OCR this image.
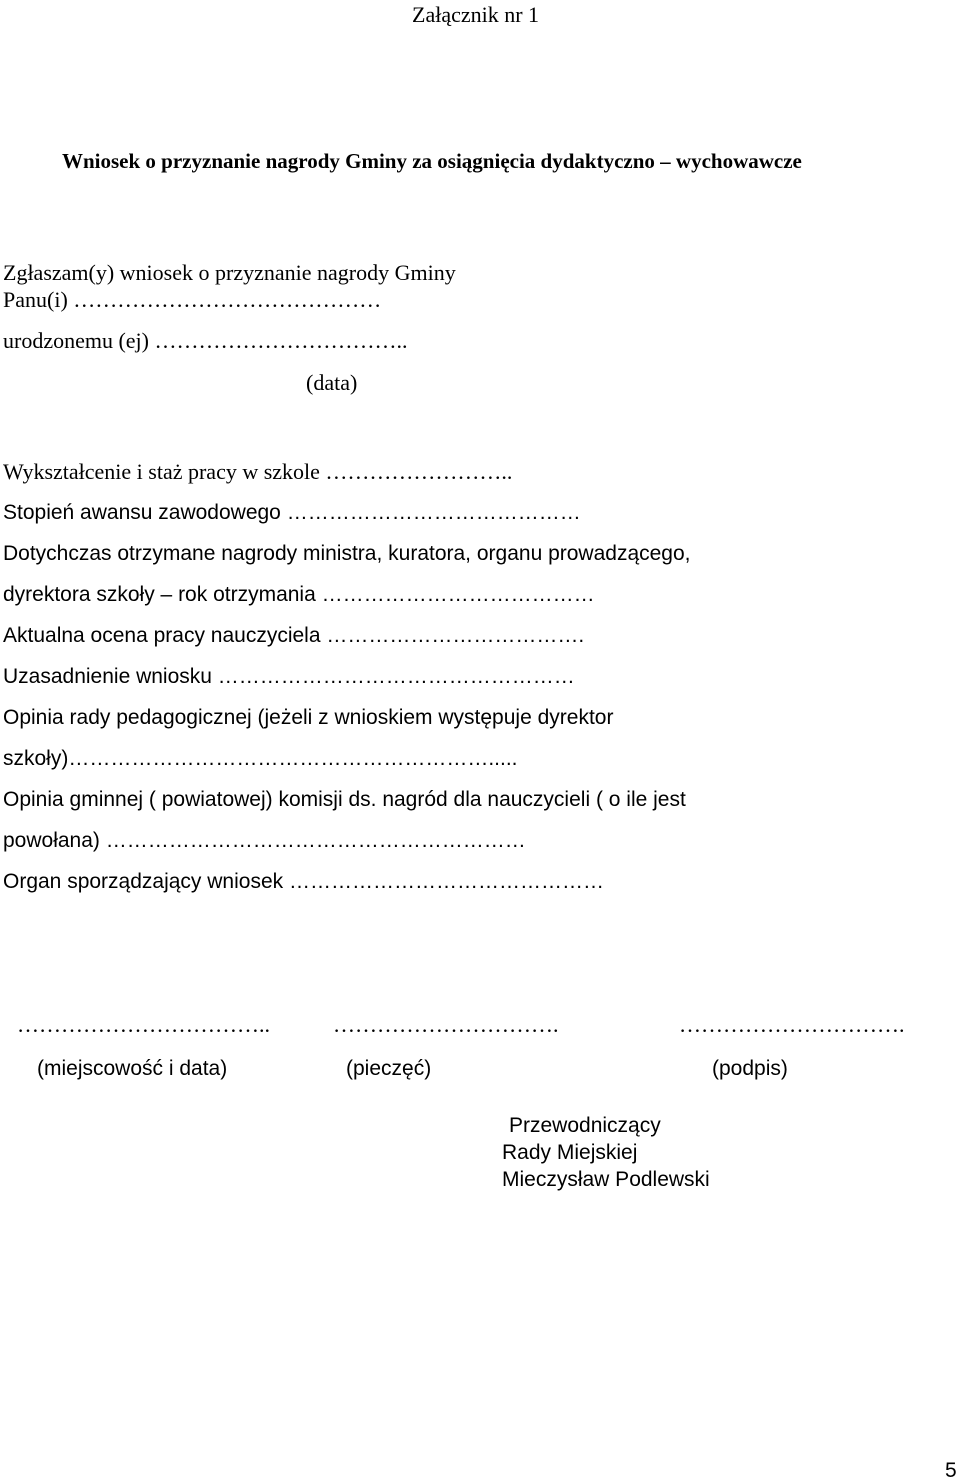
Załącznik nr 1
Wniosek o przyznanie nagrody Gminy za osiągnięcia dydaktyczno – wychowawcze
Zgłaszam(y) wniosek o przyznanie nagrody Gminy
Panu(i) ……………………………………
urodzonemu (ej) ……………………………..
(data)
Wykształcenie i staż pracy w szkole ……………………..
Stopień awansu zawodowego ……………………………………
Dotychczas otrzymane nagrody ministra, kuratora, organu prowadzącego,
dyrektora szkoły – rok otrzymania …………………………………
Aktualna ocena pracy nauczyciela ……………………………….
Uzasadnienie wniosku ……………………………………………
Opinia rady pedagogicznej (jeżeli z wnioskiem występuje dyrektor
szkoły)…………………………………………………….....
Opinia gminnej ( powiatowej) komisji ds. nagród dla nauczycieli ( o ile jest
powołana) ……………………………………………………
Organ sporządzający wniosek ………………………………………
……………………………..	………………………….	………………………….
(miejscowość i data)	(pieczęć)	(podpis)
Przewodniczący
Rady Miejskiej
Mieczysław Podlewski
5
